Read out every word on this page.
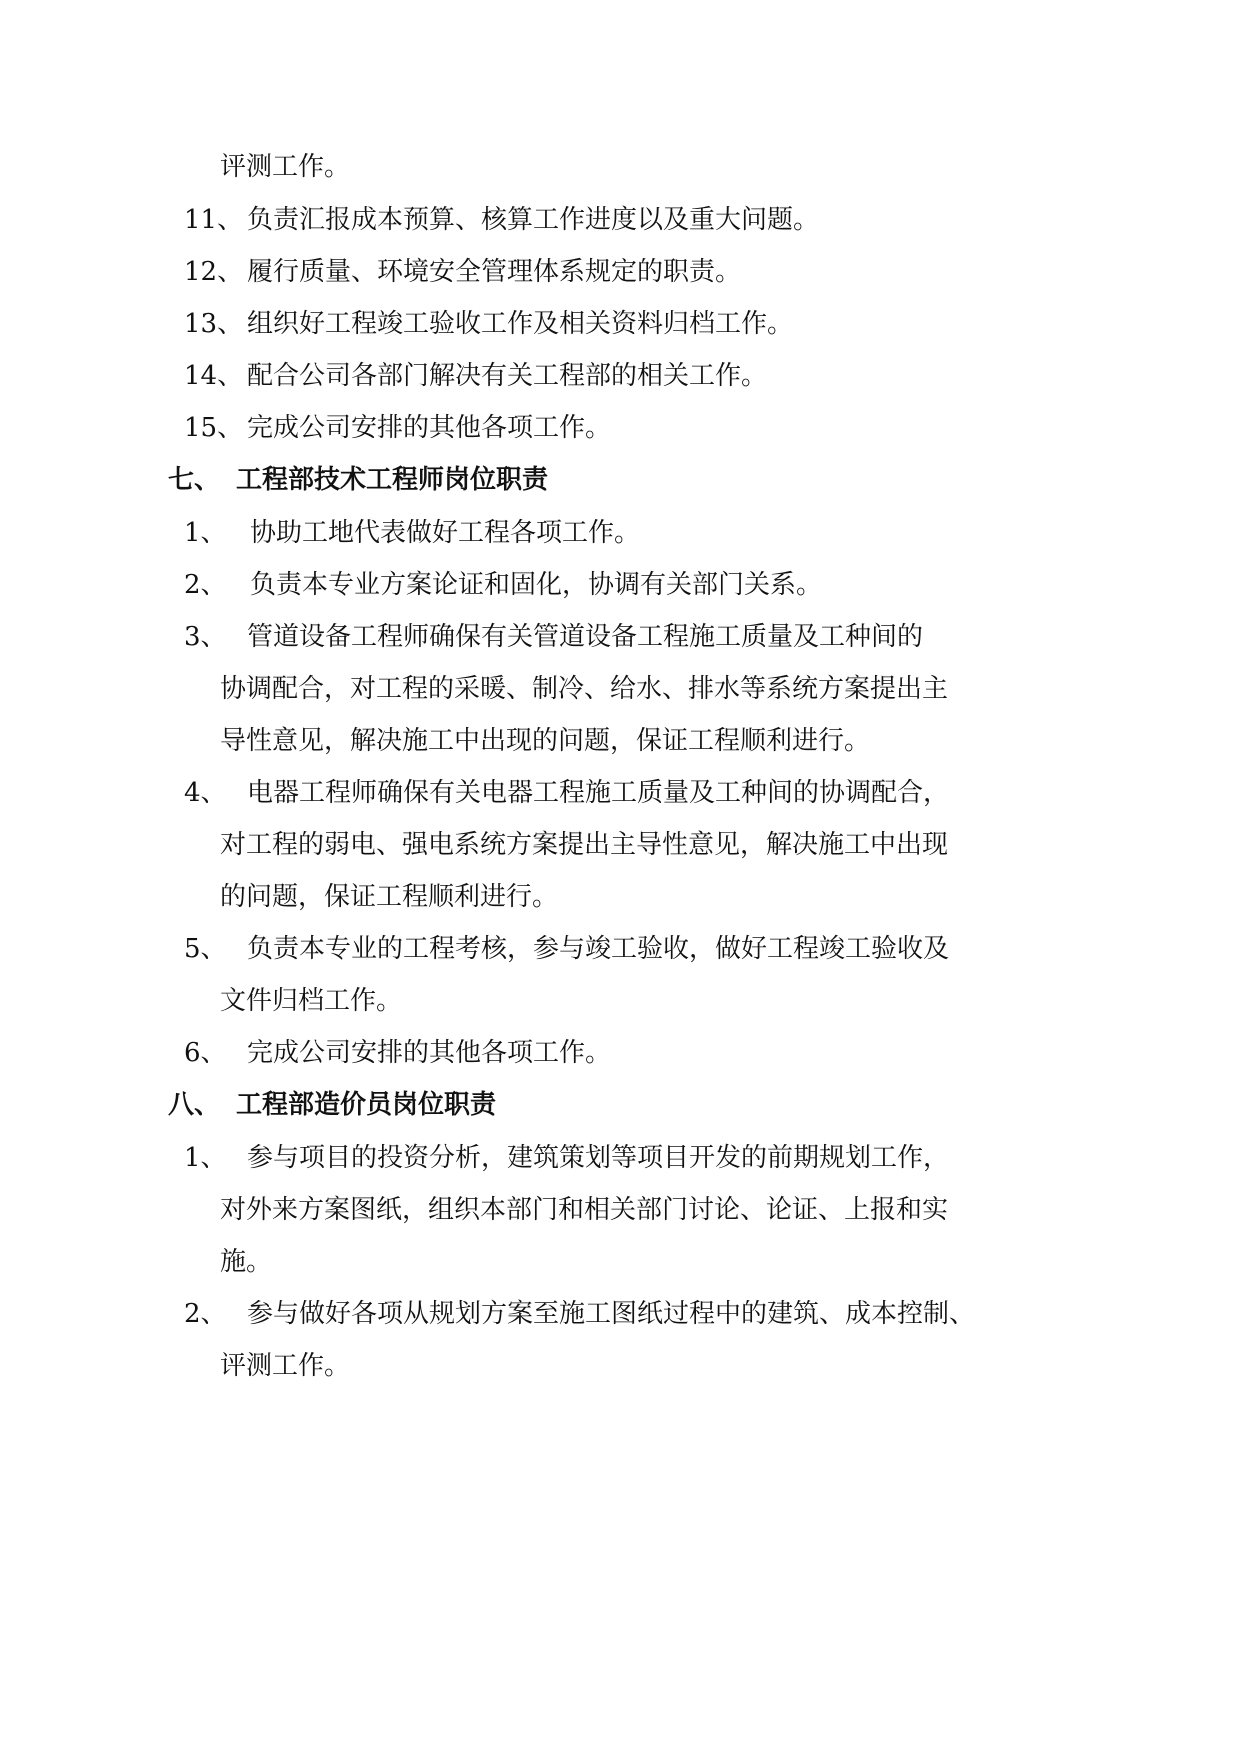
评测工作。
11、 负责汇报成本预算、核算工作进度以及重大问题。
12、 履行质量、环境安全管理体系规定的职责。
13、 组织好工程竣工验收工作及相关资料归档工作。
14、 配合公司各部门解决有关工程部的相关工作。
15、 完成公司安排的其他各项工作。
七、 工程部技术工程师岗位职责
1、 协助工地代表做好工程各项工作。
2、 负责本专业方案论证和固化，协调有关部门关系。
3、 管道设备工程师确保有关管道设备工程施工质量及工种间的
协调配合，对工程的采暖、制冷、给水、排水等系统方案提出主
导性意见，解决施工中出现的问题，保证工程顺利进行。
4、 电器工程师确保有关电器工程施工质量及工种间的协调配合，
对工程的弱电、强电系统方案提出主导性意见，解决施工中出现
的问题，保证工程顺利进行。
5、 负责本专业的工程考核，参与竣工验收，做好工程竣工验收及
文件归档工作。
6、 完成公司安排的其他各项工作。
八、 工程部造价员岗位职责
1、 参与项目的投资分析，建筑策划等项目开发的前期规划工作，
对外来方案图纸，组织本部门和相关部门讨论、论证、上报和实
施。
2、 参与做好各项从规划方案至施工图纸过程中的建筑、成本控制、
评测工作。
